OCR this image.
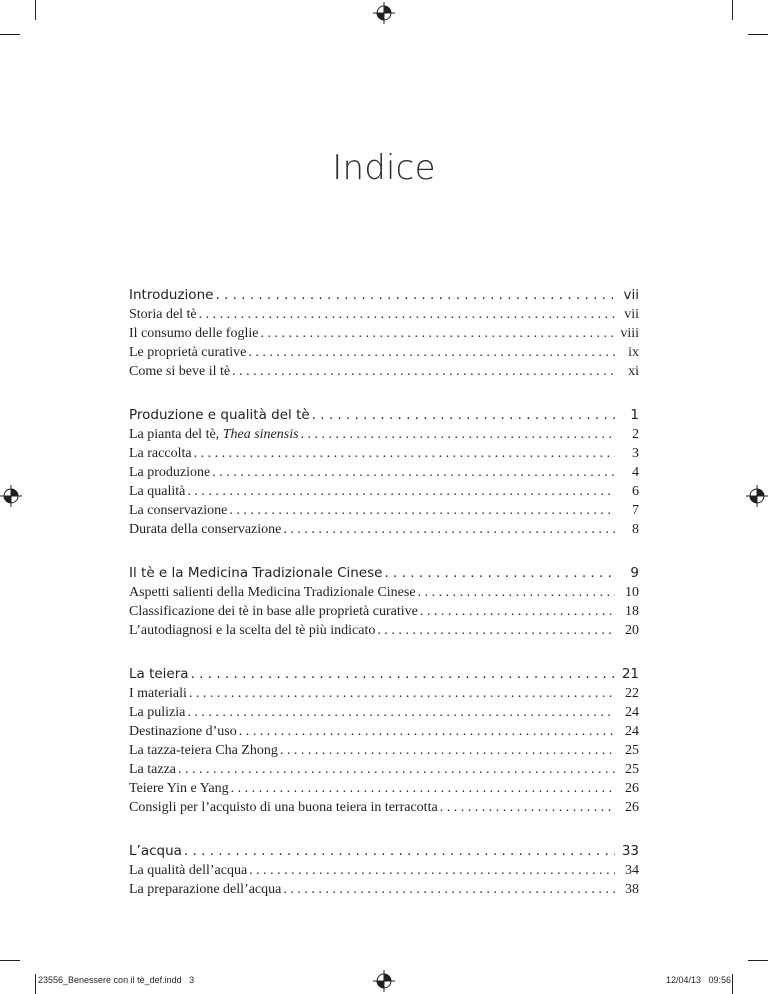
Indice
Introduzione . . .	vii
Storia del tè . . .	vii
Il consumo delle foglie . . .	viii
Le proprietà curative . . .	ix
Come si beve il tè . . .	xi
Produzione e qualità del tè . . .	1
La pianta del tè, Thea sinensis . . .	2
La raccolta . . .	3
La produzione . . .	4
La qualità . . .	6
La conservazione . . .	7
Durata della conservazione . . .	8
Il tè e la Medicina Tradizionale Cinese . . .	9
Aspetti salienti della Medicina Tradizionale Cinese . . .	10
Classificazione dei tè in base alle proprietà curative . . .	18
L’autodiagnosi e la scelta del tè più indicato . . .	20
La teiera . . .	21
I materiali . . .	22
La pulizia . . .	24
Destinazione d’uso . . .	24
La tazza-teiera Cha Zhong . . .	25
La tazza . . .	25
Teiere Yin e Yang . . .	26
Consigli per l’acquisto di una buona teiera in terracotta . . .	26
L’acqua . . .	33
La qualità dell’acqua . . .	34
La preparazione dell’acqua . . .	38
23556_Benessere con il tè_def.indd   3	12/04/13   09:56
